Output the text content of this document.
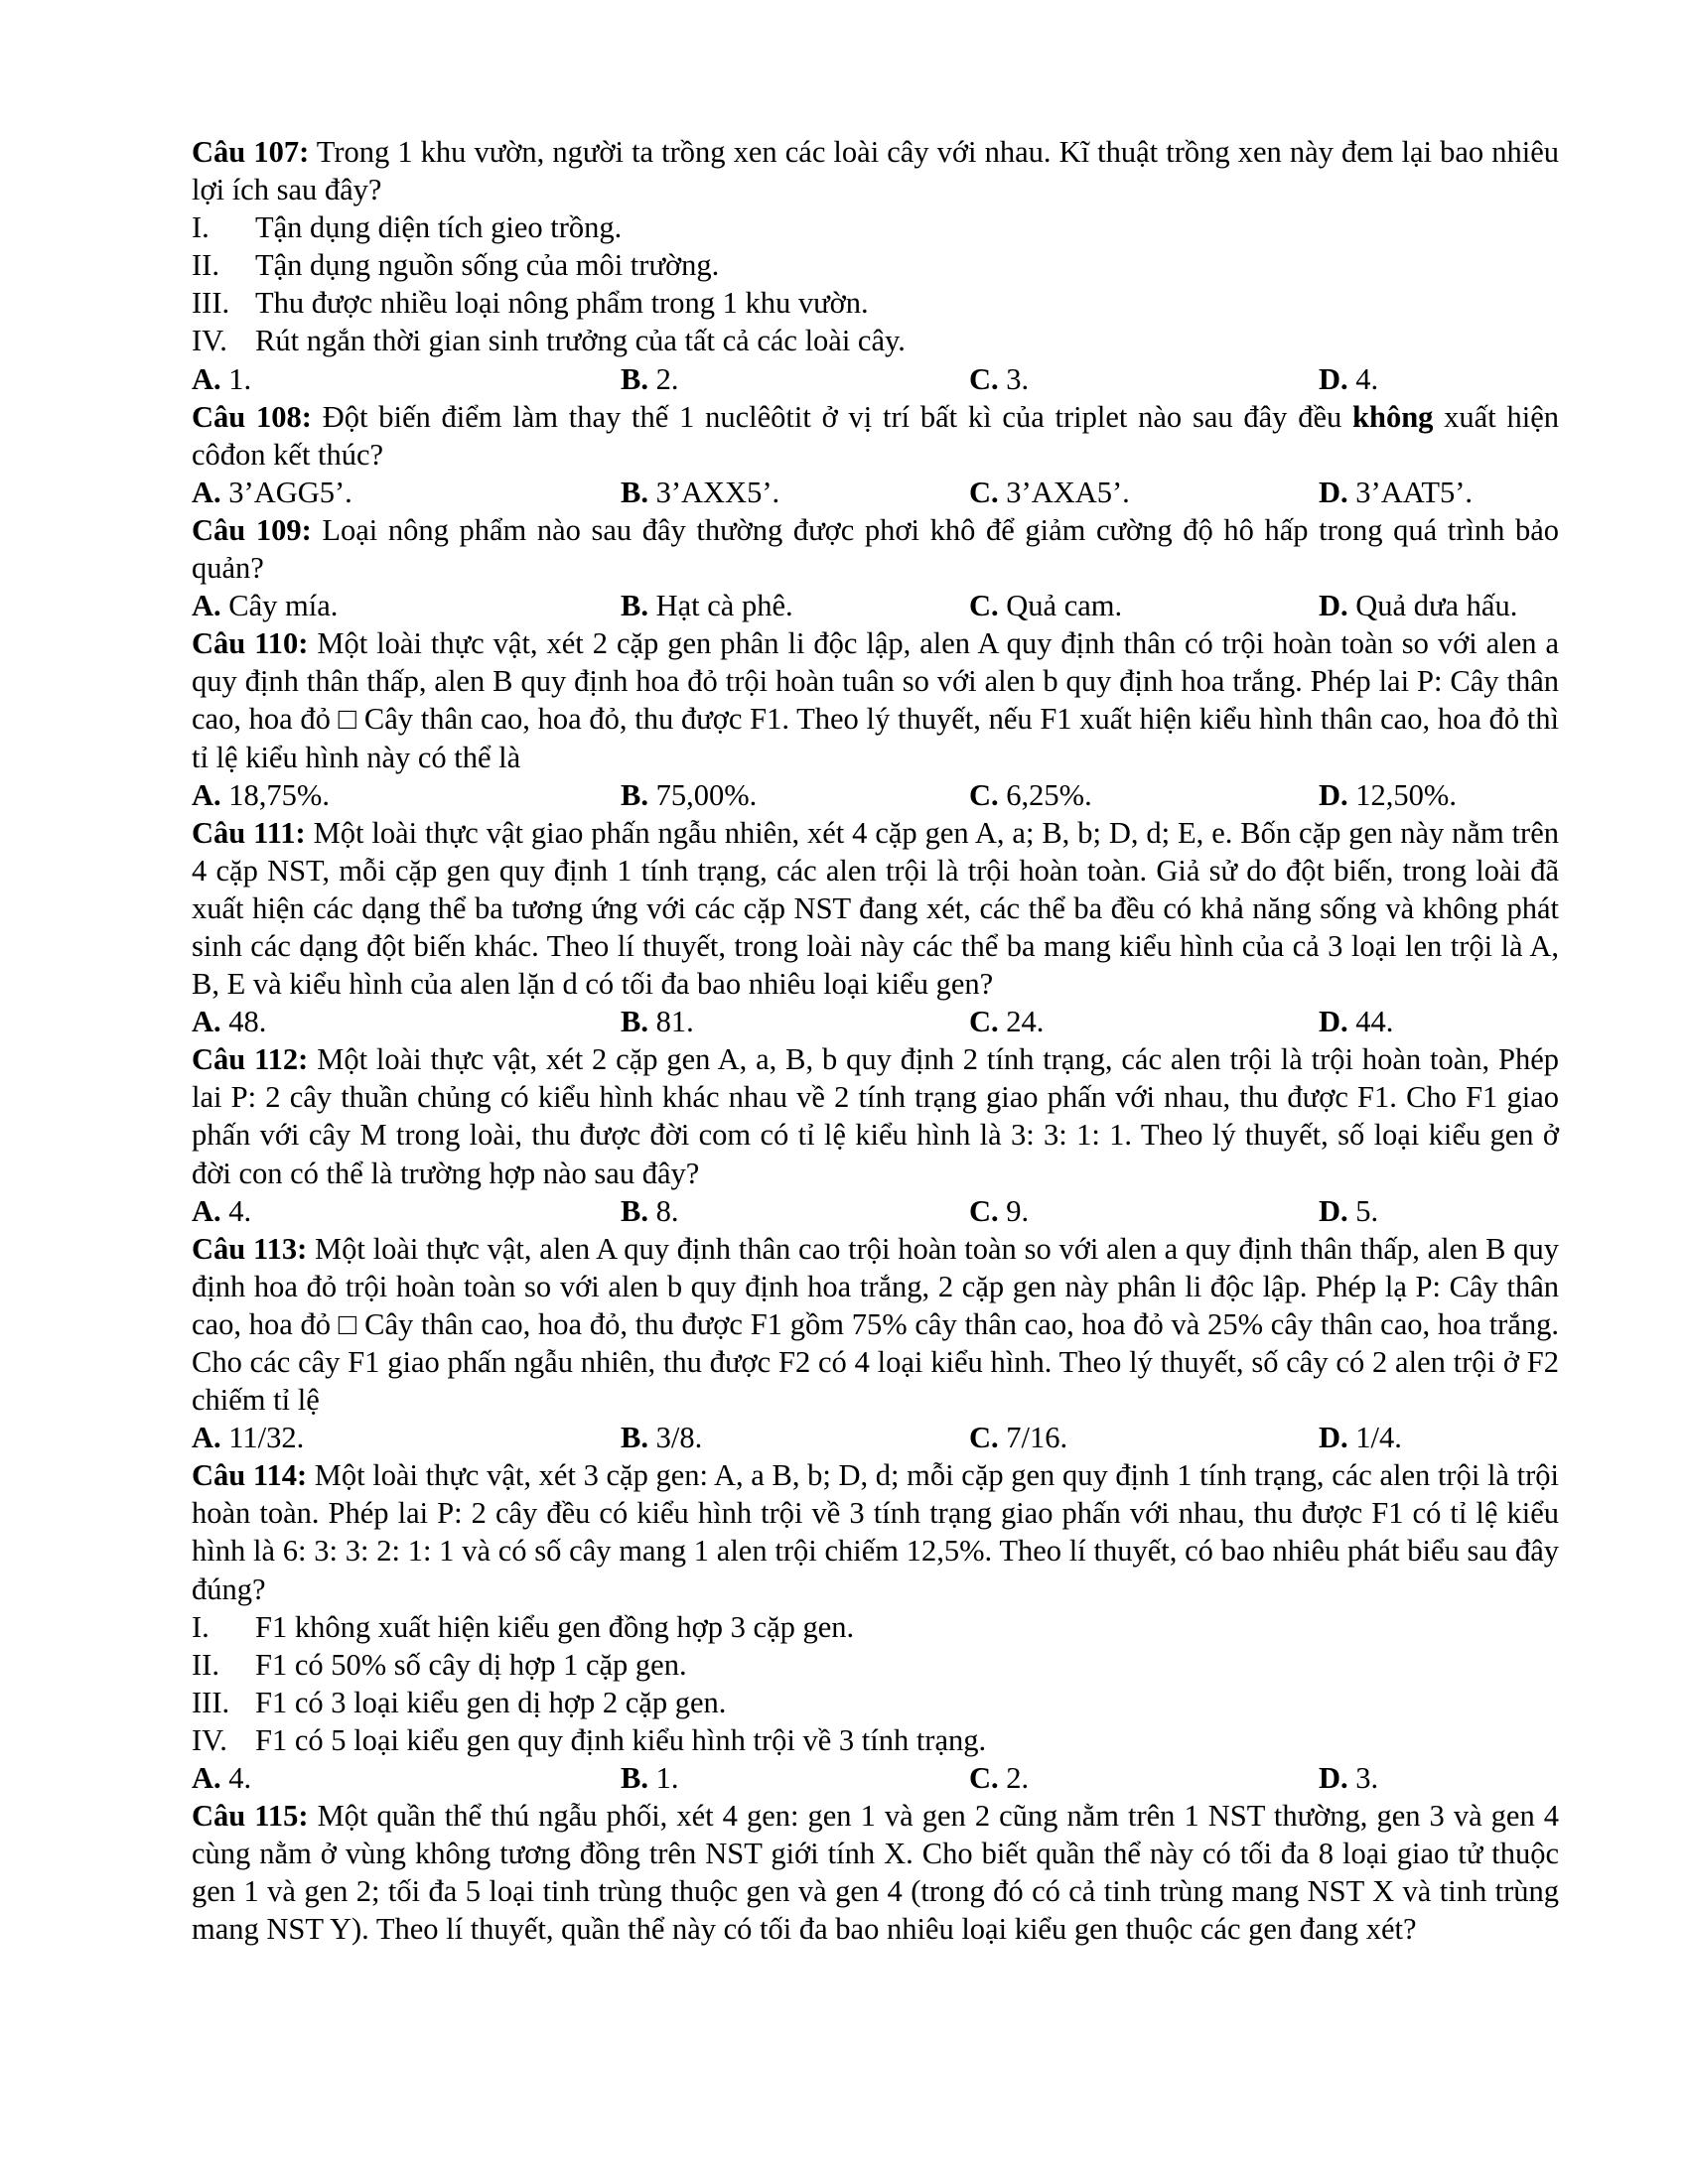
Câu 107: Trong 1 khu vườn, người ta trồng xen các loài cây với nhau. Kĩ thuật trồng xen này đem lại bao nhiêu lợi ích sau đây?
I.	Tận dụng diện tích gieo trồng.
II.	Tận dụng nguồn sống của môi trường.
III. Thu được nhiều loại nông phẩm trong 1 khu vườn.
IV. Rút ngắn thời gian sinh trưởng của tất cả các loài cây.
A. 1.	B. 2.	C. 3.	D. 4.
Câu 108: Đột biến điểm làm thay thế 1 nuclêôtit ở vị trí bất kì của triplet nào sau đây đều không xuất hiện côđon kết thúc?
A. 3’AGG5’.	B. 3’AXX5’.	C. 3’AXA5’.	D. 3’AAT5’.
Câu 109: Loại nông phẩm nào sau đây thường được phơi khô để giảm cường độ hô hấp trong quá trình bảo quản?
A. Cây mía.	B. Hạt cà phê.	C. Quả cam.	D. Quả dưa hấu.
Câu 110: Một loài thực vật, xét 2 cặp gen phân li độc lập, alen A quy định thân có trội hoàn toàn so với alen a quy định thân thấp, alen B quy định hoa đỏ trội hoàn tuân so với alen b quy định hoa trắng. Phép lai P: Cây thân cao, hoa đỏ □ Cây thân cao, hoa đỏ, thu được F1. Theo lý thuyết, nếu F1 xuất hiện kiểu hình thân cao, hoa đỏ thì tỉ lệ kiểu hình này có thể là
A. 18,75%.	B. 75,00%.	C. 6,25%.	D. 12,50%.
Câu 111: Một loài thực vật giao phấn ngẫu nhiên, xét 4 cặp gen A, a; B, b; D, d; E, e. Bốn cặp gen này nằm trên 4 cặp NST, mỗi cặp gen quy định 1 tính trạng, các alen trội là trội hoàn toàn. Giả sử do đột biến, trong loài đã xuất hiện các dạng thể ba tương ứng với các cặp NST đang xét, các thể ba đều có khả năng sống và không phát sinh các dạng đột biến khác. Theo lí thuyết, trong loài này các thể ba mang kiểu hình của cả 3 loại len trội là A, B, E và kiểu hình của alen lặn d có tối đa bao nhiêu loại kiểu gen?
A. 48.	B. 81.	C. 24.	D. 44.
Câu 112: Một loài thực vật, xét 2 cặp gen A, a, B, b quy định 2 tính trạng, các alen trội là trội hoàn toàn, Phép lai P: 2 cây thuần chủng có kiểu hình khác nhau về 2 tính trạng giao phấn với nhau, thu được F1. Cho F1 giao phấn với cây M trong loài, thu được đời com có tỉ lệ kiểu hình là 3: 3: 1: 1. Theo lý thuyết, số loại kiểu gen ở đời con có thể là trường hợp nào sau đây?
A. 4.	B. 8.	C. 9.	D. 5.
Câu 113: Một loài thực vật, alen A quy định thân cao trội hoàn toàn so với alen a quy định thân thấp, alen B quy định hoa đỏ trội hoàn toàn so với alen b quy định hoa trắng, 2 cặp gen này phân li độc lập. Phép lạ P: Cây thân cao, hoa đỏ □ Cây thân cao, hoa đỏ, thu được F1 gồm 75% cây thân cao, hoa đỏ và 25% cây thân cao, hoa trắng. Cho các cây F1 giao phấn ngẫu nhiên, thu được F2 có 4 loại kiểu hình. Theo lý thuyết, số cây có 2 alen trội ở F2 chiếm tỉ lệ
A. 11/32.	B. 3/8.	C. 7/16.	D. 1/4.
Câu 114: Một loài thực vật, xét 3 cặp gen: A, a B, b; D, d; mỗi cặp gen quy định 1 tính trạng, các alen trội là trội hoàn toàn. Phép lai P: 2 cây đều có kiểu hình trội về 3 tính trạng giao phấn với nhau, thu được F1 có tỉ lệ kiểu hình là 6: 3: 3: 2: 1: 1 và có số cây mang 1 alen trội chiếm 12,5%. Theo lí thuyết, có bao nhiêu phát biểu sau đây đúng?
I.	F1 không xuất hiện kiểu gen đồng hợp 3 cặp gen.
II.	F1 có 50% số cây dị hợp 1 cặp gen.
III. F1 có 3 loại kiểu gen dị hợp 2 cặp gen.
IV. F1 có 5 loại kiểu gen quy định kiểu hình trội về 3 tính trạng.
A. 4.	B. 1.	C. 2.	D. 3.
Câu 115: Một quần thể thú ngẫu phối, xét 4 gen: gen 1 và gen 2 cũng nằm trên 1 NST thường, gen 3 và gen 4 cùng nằm ở vùng không tương đồng trên NST giới tính X. Cho biết quần thể này có tối đa 8 loại giao tử thuộc gen 1 và gen 2; tối đa 5 loại tinh trùng thuộc gen và gen 4 (trong đó có cả tinh trùng mang NST X và tinh trùng mang NST Y). Theo lí thuyết, quần thể này có tối đa bao nhiêu loại kiểu gen thuộc các gen đang xét?
